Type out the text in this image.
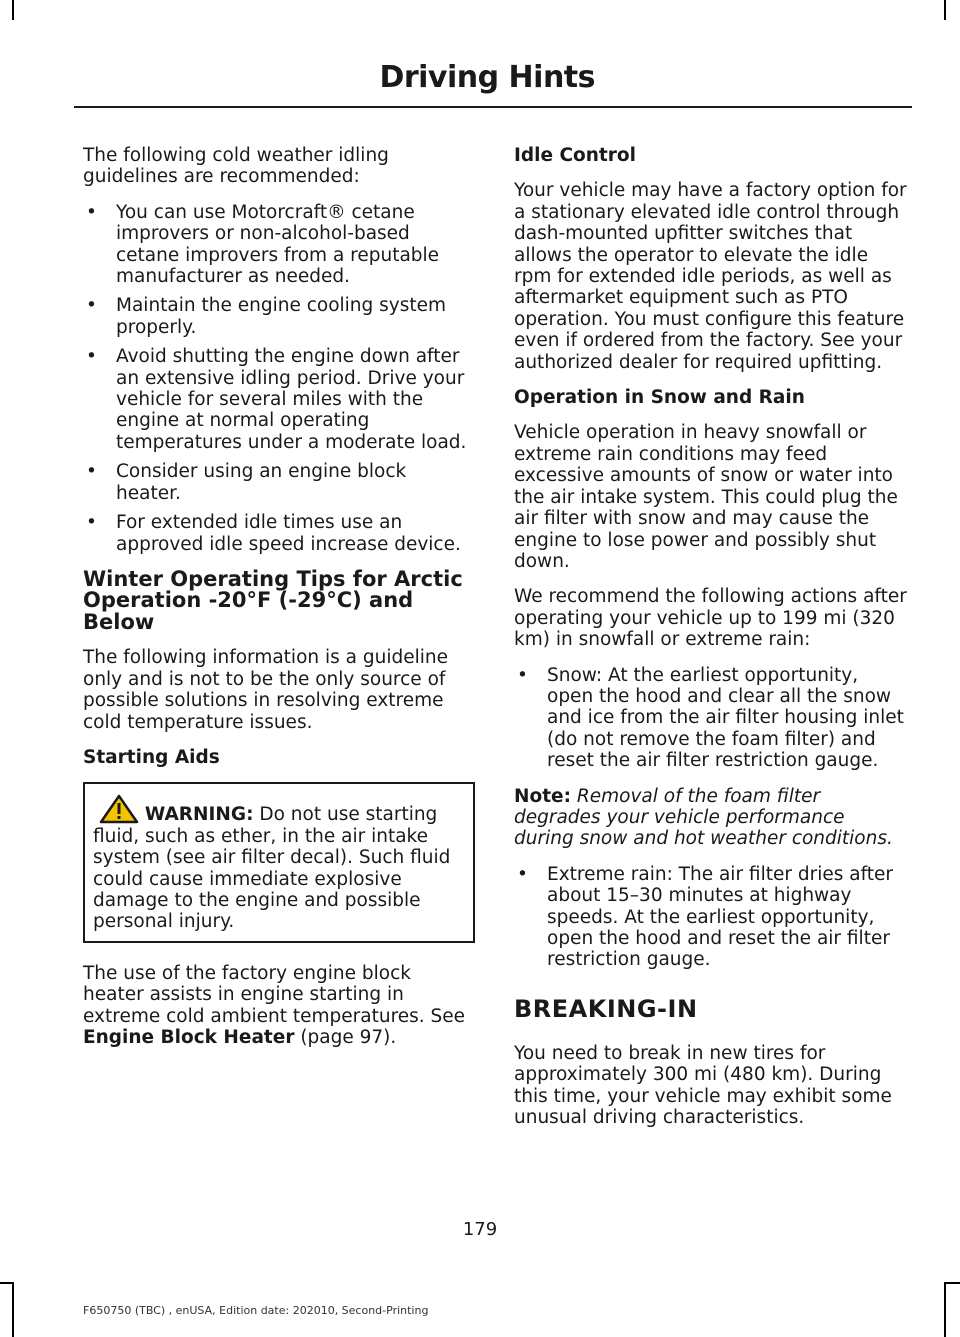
Driving Hints

The following cold weather idling guidelines are recommended:

• You can use Motorcraft® cetane improvers or non-alcohol-based cetane improvers from a reputable manufacturer as needed.
• Maintain the engine cooling system properly.
• Avoid shutting the engine down after an extensive idling period. Drive your vehicle for several miles with the engine at normal operating temperatures under a moderate load.
• Consider using an engine block heater.
• For extended idle times use an approved idle speed increase device.
Winter Operating Tips for Arctic Operation -20°F (-29°C) and Below

The following information is a guideline only and is not to be the only source of possible solutions in resolving extreme cold temperature issues.

Starting Aids

WARNING: Do not use starting fluid, such as ether, in the air intake system (see air filter decal). Such fluid could cause immediate explosive damage to the engine and possible personal injury.

The use of the factory engine block heater assists in engine starting in extreme cold ambient temperatures. See Engine Block Heater (page 97).

Idle Control

Your vehicle may have a factory option for a stationary elevated idle control through dash-mounted upfitter switches that allows the operator to elevate the idle rpm for extended idle periods, as well as aftermarket equipment such as PTO operation. You must configure this feature even if ordered from the factory. See your authorized dealer for required upfitting.

Operation in Snow and Rain

Vehicle operation in heavy snowfall or extreme rain conditions may feed excessive amounts of snow or water into the air intake system. This could plug the air filter with snow and may cause the engine to lose power and possibly shut down.

We recommend the following actions after operating your vehicle up to 199 mi (320 km) in snowfall or extreme rain:

• Snow: At the earliest opportunity, open the hood and clear all the snow and ice from the air filter housing inlet (do not remove the foam filter) and reset the air filter restriction gauge.

Note: Removal of the foam filter degrades your vehicle performance during snow and hot weather conditions.

• Extreme rain: The air filter dries after about 15–30 minutes at highway speeds. At the earliest opportunity, open the hood and reset the air filter restriction gauge.
BREAKING-IN

You need to break in new tires for approximately 300 mi (480 km). During this time, your vehicle may exhibit some unusual driving characteristics.

179
F650750 (TBC) , enUSA, Edition date: 202010, Second-Printing
